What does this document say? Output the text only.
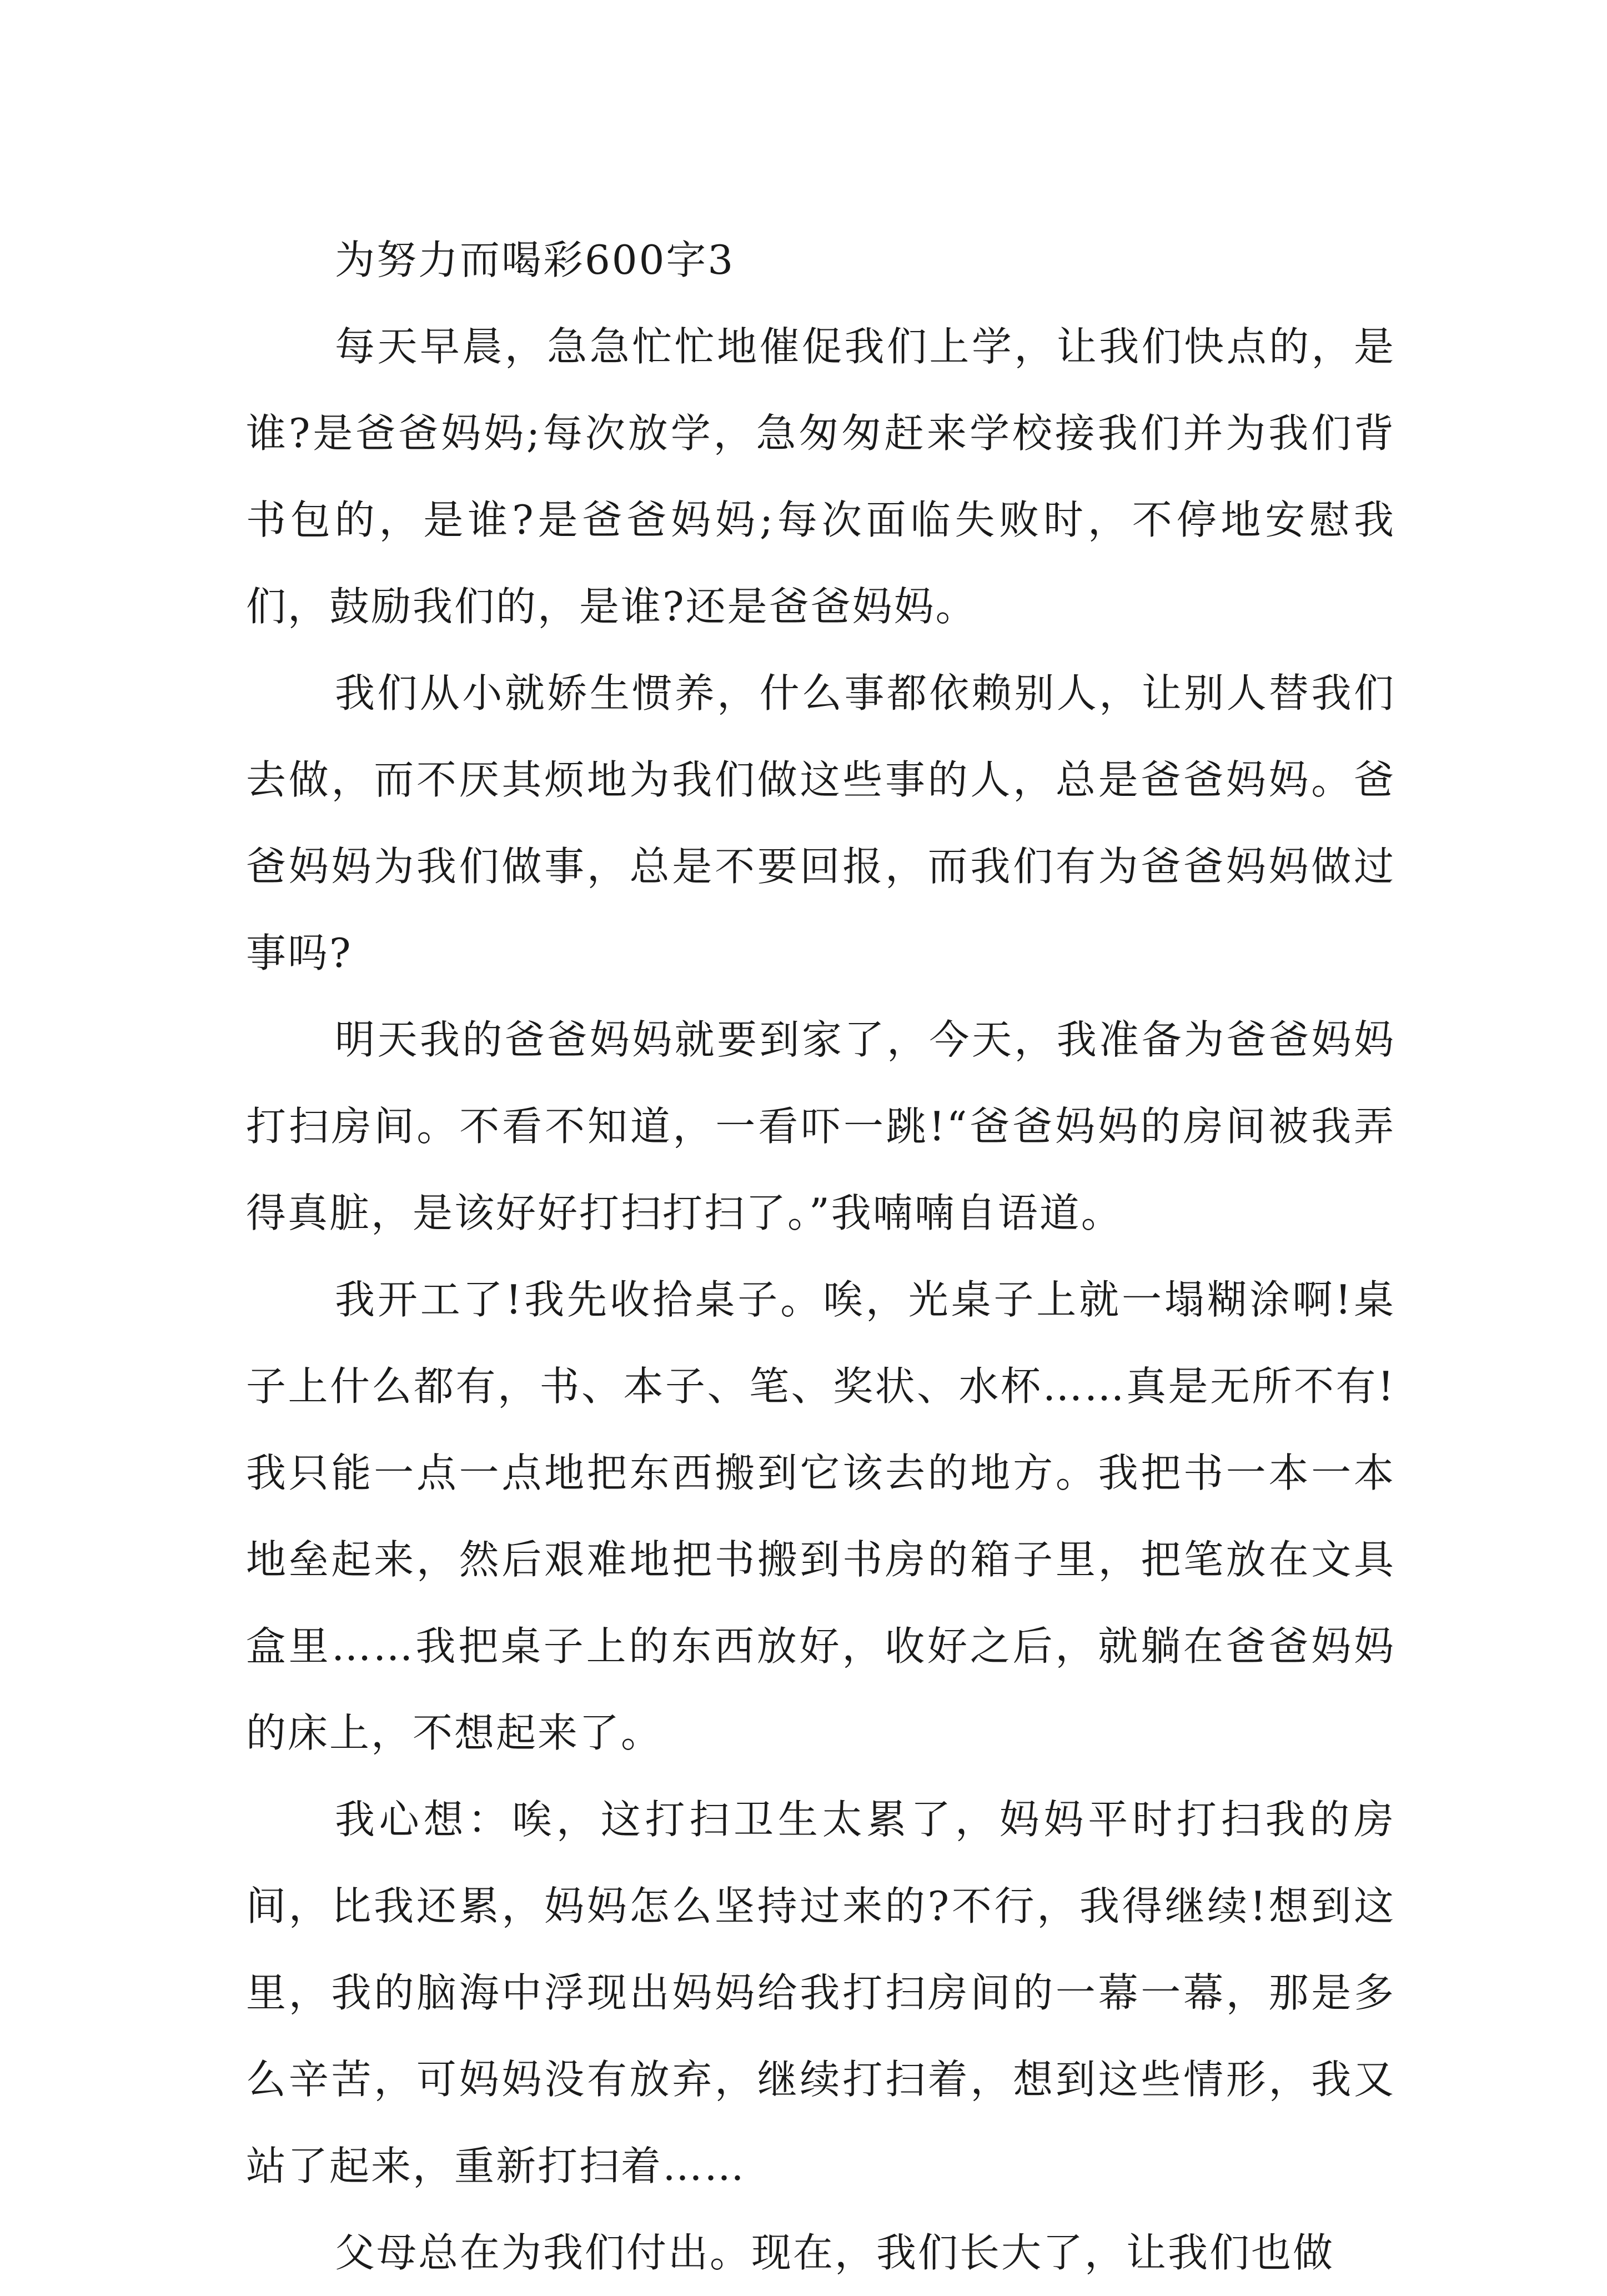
为努力而喝彩600字3

每天早晨，急急忙忙地催促我们上学，让我们快点的，是谁?是爸爸妈妈;每次放学，急匆匆赶来学校接我们并为我们背书包的，是谁?是爸爸妈妈;每次面临失败时，不停地安慰我们，鼓励我们的，是谁?还是爸爸妈妈。

我们从小就娇生惯养，什么事都依赖别人，让别人替我们去做，而不厌其烦地为我们做这些事的人，总是爸爸妈妈。爸爸妈妈为我们做事，总是不要回报，而我们有为爸爸妈妈做过事吗?

明天我的爸爸妈妈就要到家了，今天，我准备为爸爸妈妈打扫房间。不看不知道，一看吓一跳!“爸爸妈妈的房间被我弄得真脏，是该好好打扫打扫了。”我喃喃自语道。

我开工了!我先收拾桌子。唉，光桌子上就一塌糊涂啊!桌子上什么都有，书、本子、笔、奖状、水杯……真是无所不有!我只能一点一点地把东西搬到它该去的地方。我把书一本一本地垒起来，然后艰难地把书搬到书房的箱子里，把笔放在文具盒里……我把桌子上的东西放好，收好之后，就躺在爸爸妈妈的床上，不想起来了。

我心想：唉，这打扫卫生太累了，妈妈平时打扫我的房间，比我还累，妈妈怎么坚持过来的?不行，我得继续!想到这里，我的脑海中浮现出妈妈给我打扫房间的一幕一幕，那是多么辛苦，可妈妈没有放弃，继续打扫着，想到这些情形，我又站了起来，重新打扫着……

父母总在为我们付出。现在，我们长大了，让我们也做
